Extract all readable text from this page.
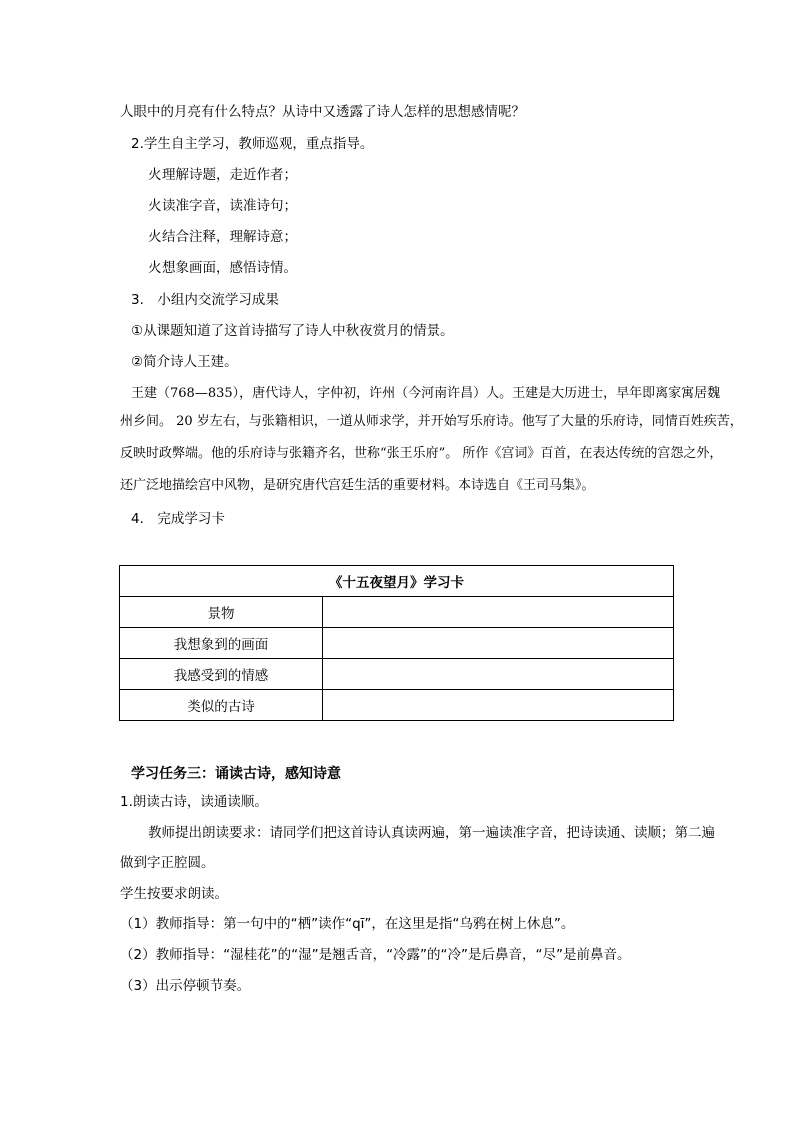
人眼中的月亮有什么特点？从诗中又透露了诗人怎样的思想感情呢？
2.学生自主学习，教师巡观，重点指导。
火理解诗题，走近作者；
火读准字音，读准诗句；
火结合注释，理解诗意；
火想象画面，感悟诗情。
3.　小组内交流学习成果
①从课题知道了这首诗描写了诗人中秋夜赏月的情景。
②简介诗人王建。
王建（768—835），唐代诗人，字仲初，许州（今河南许昌）人。王建是大历进士，早年即离家寓居魏
州乡间。 20 岁左右，与张籍相识，一道从师求学，并开始写乐府诗。他写了大量的乐府诗，同情百姓疾苦，
反映时政弊端。他的乐府诗与张籍齐名，世称“张王乐府”。 所作《宫词》百首，在表达传统的宫怨之外，
还广泛地描绘宫中风物，是研究唐代宫廷生活的重要材料。本诗选自《王司马集》。
4.　完成学习卡
《十五夜望月》学习卡	
景物	
我想象到的画面	
我感受到的情感	
类似的古诗	
学习任务三：诵读古诗，感知诗意
1.朗读古诗，读通读顺。
教师提出朗读要求：请同学们把这首诗认真读两遍，第一遍读准字音，把诗读通、读顺；第二遍
做到字正腔圆。
学生按要求朗读。
（1）教师指导：第一句中的“栖”读作“qī”，在这里是指“乌鸦在树上休息”。
（2）教师指导：“湿桂花”的“湿”是翘舌音，“冷露”的“冷”是后鼻音，“尽”是前鼻音。
（3）出示停顿节奏。
